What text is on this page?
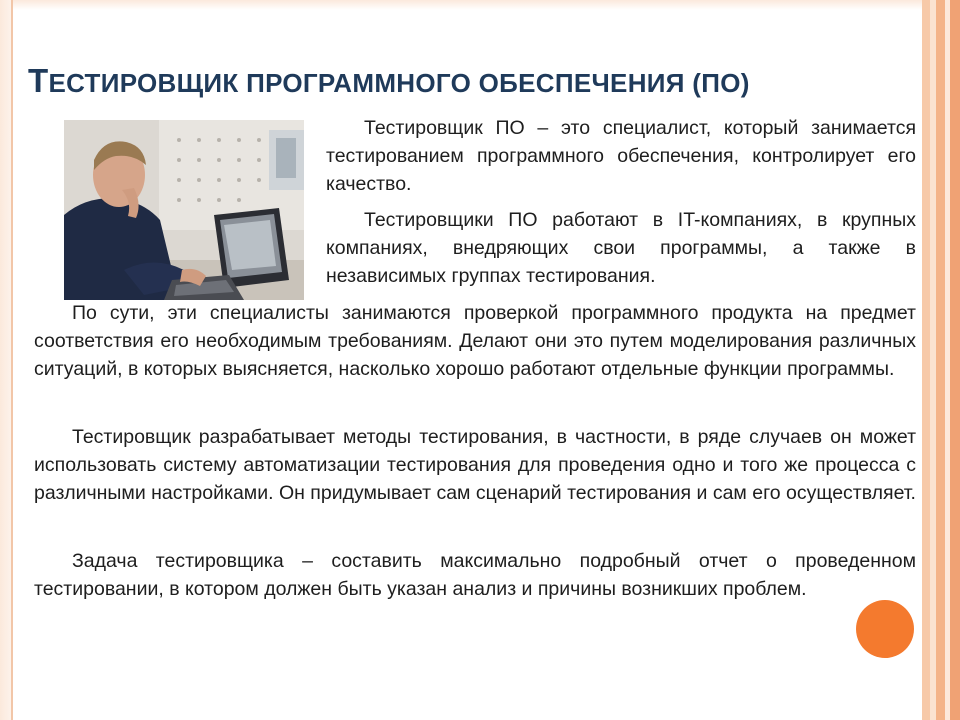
ТЕСТИРОВЩИК ПРОГРАММНОГО ОБЕСПЕЧЕНИЯ (ПО)

Тестировщик ПО – это специалист, который занимается тестированием программного обеспечения, контролирует его качество.

Тестировщики ПО работают в IT-компаниях, в крупных компаниях, внедряющих свои программы, а также в независимых группах тестирования.

По сути, эти специалисты занимаются проверкой программного продукта на предмет соответствия его необходимым требованиям. Делают они это путем моделирования различных ситуаций, в которых выясняется, насколько хорошо работают отдельные функции программы.

Тестировщик разрабатывает методы тестирования, в частности, в ряде случаев он может использовать систему автоматизации тестирования для проведения одно и того же процесса с различными настройками. Он придумывает сам сценарий тестирования и сам его осуществляет.

Задача тестировщика – составить максимально подробный отчет о проведенном тестировании, в котором должен быть указан анализ и причины возникших проблем.
